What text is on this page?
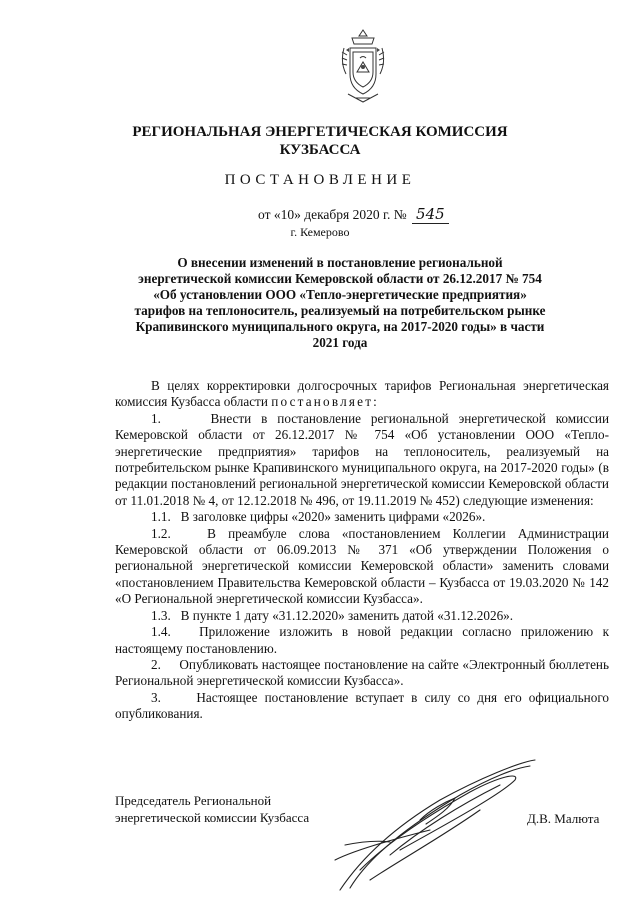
РЕГИОНАЛЬНАЯ ЭНЕРГЕТИЧЕСКАЯ КОМИССИЯ
КУЗБАССА
ПОСТАНОВЛЕНИЕ
от «10» декабря 2020 г. № 545
г. Кемерово
О внесении изменений в постановление региональной
энергетической комиссии Кемеровской области от 26.12.2017 № 754
«Об установлении ООО «Тепло-энергетические предприятия»
тарифов на теплоноситель, реализуемый на потребительском рынке
Крапивинского муниципального округа, на 2017-2020 годы» в части
2021 года

В целях корректировки долгосрочных тарифов Региональная энергетическая комиссия Кузбасса области постановляет:

1.     Внести в постановление региональной энергетической комиссии Кемеровской области от 26.12.2017 № 754 «Об установлении ООО «Тепло-энергетические предприятия» тарифов на теплоноситель, реализуемый на потребительском рынке Крапивинского муниципального округа, на 2017-2020 годы» (в редакции постановлений региональной энергетической комиссии Кемеровской области от 11.01.2018 № 4, от 12.12.2018 № 496, от 19.11.2019 № 452) следующие изменения:

1.1.   В заголовке цифры «2020» заменить цифрами «2026».

1.2.   В преамбуле слова «постановлением Коллегии Администрации Кемеровской области от 06.09.2013 № 371 «Об утверждении Положения о региональной энергетической комиссии Кемеровской области» заменить словами «постановлением Правительства Кемеровской области – Кузбасса от 19.03.2020 № 142 «О Региональной энергетической комиссии Кузбасса».

1.3.   В пункте 1 дату «31.12.2020» заменить датой «31.12.2026».

1.4.   Приложение изложить в новой редакции согласно приложению к настоящему постановлению.

2.     Опубликовать настоящее постановление на сайте «Электронный бюллетень Региональной энергетической комиссии Кузбасса».

3.     Настоящее постановление вступает в силу со дня его официального опубликования.

Председатель Региональной
энергетической комиссии Кузбасса	Д.В. Малюта
